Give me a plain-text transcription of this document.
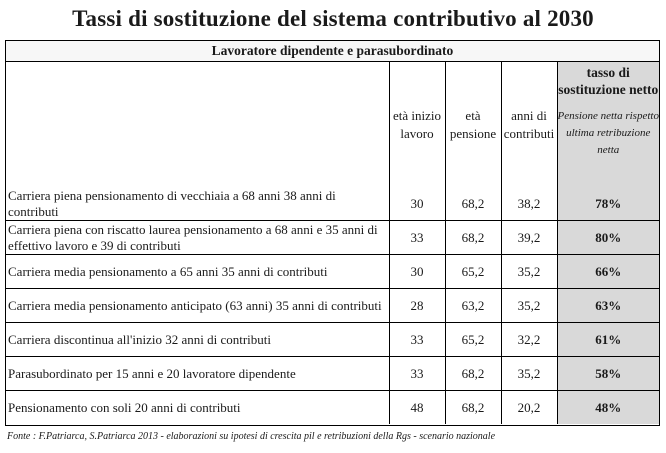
Tassi di sostituzione del sistema contributivo al 2030
Lavoratore dipendente e parasubordinato
	età inizio lavoro	età pensione	anni di contributi	tasso di sostituzione netto
Pensione netta rispetto ultima retribuzione netta

Carriera piena pensionamento di vecchiaia a 68 anni 38 anni di contributi	30	68,2	38,2	78%
Carriera piena con riscatto laurea pensionamento a 68 anni e 35 anni di effettivo lavoro e 39 di contributi	33	68,2	39,2	80%
Carriera media pensionamento a 65 anni 35 anni di contributi	30	65,2	35,2	66%
Carriera media pensionamento anticipato (63 anni) 35 anni di contributi	28	63,2	35,2	63%
Carriera discontinua all'inizio 32 anni di contributi	33	65,2	32,2	61%
Parasubordinato per 15 anni e 20 lavoratore dipendente	33	68,2	35,2	58%
Pensionamento con soli 20 anni di contributi	48	68,2	20,2	48%
Fonte : F.Patriarca, S.Patriarca 2013 - elaborazioni su ipotesi di crescita pil e retribuzioni della Rgs - scenario nazionale
